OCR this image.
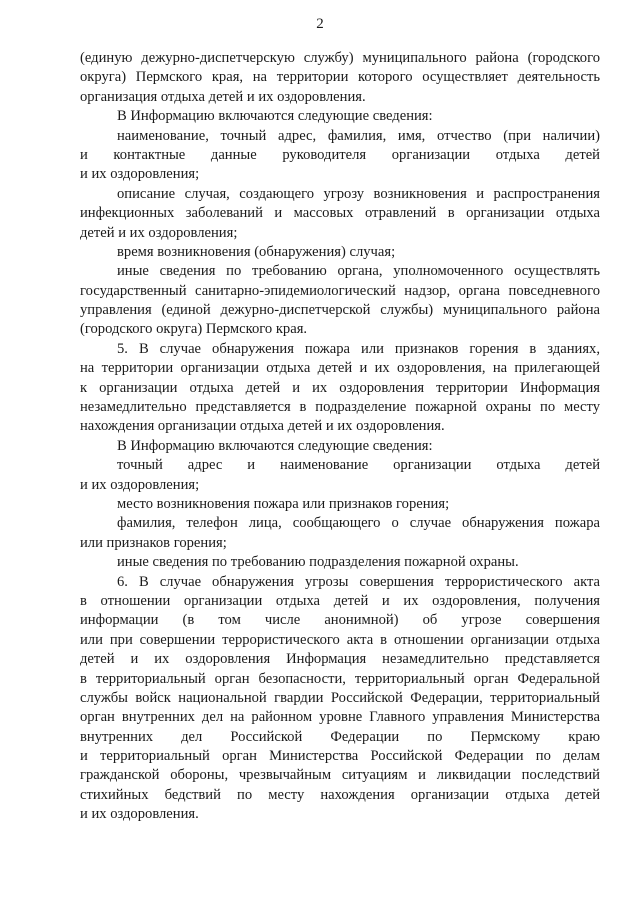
2
(единую дежурно-диспетчерскую службу) муниципального района (городского
округа) Пермского края, на территории которого осуществляет деятельность
организация отдыха детей и их оздоровления.
В Информацию включаются следующие сведения:
наименование, точный адрес, фамилия, имя, отчество (при наличии)
и контактные данные руководителя организации отдыха детей
и их оздоровления;
описание случая, создающего угрозу возникновения и распространения
инфекционных заболеваний и массовых отравлений в организации отдыха
детей и их оздоровления;
время возникновения (обнаружения) случая;
иные сведения по требованию органа, уполномоченного осуществлять
государственный санитарно-эпидемиологический надзор, органа повседневного
управления (единой дежурно-диспетчерской службы) муниципального района
(городского округа) Пермского края.
5. В случае обнаружения пожара или признаков горения в зданиях,
на территории организации отдыха детей и их оздоровления, на прилегающей
к организации отдыха детей и их оздоровления территории Информация
незамедлительно представляется в подразделение пожарной охраны по месту
нахождения организации отдыха детей и их оздоровления.
В Информацию включаются следующие сведения:
точный адрес и наименование организации отдыха детей
и их оздоровления;
место возникновения пожара или признаков горения;
фамилия, телефон лица, сообщающего о случае обнаружения пожара
или признаков горения;
иные сведения по требованию подразделения пожарной охраны.
6. В случае обнаружения угрозы совершения террористического акта
в отношении организации отдыха детей и их оздоровления, получения
информации (в том числе анонимной) об угрозе совершения
или при совершении террористического акта в отношении организации отдыха
детей и их оздоровления Информация незамедлительно представляется
в территориальный орган безопасности, территориальный орган Федеральной
службы войск национальной гвардии Российской Федерации, территориальный
орган внутренних дел на районном уровне Главного управления Министерства
внутренних дел Российской Федерации по Пермскому краю
и территориальный орган Министерства Российской Федерации по делам
гражданской обороны, чрезвычайным ситуациям и ликвидации последствий
стихийных бедствий по месту нахождения организации отдыха детей
и их оздоровления.
